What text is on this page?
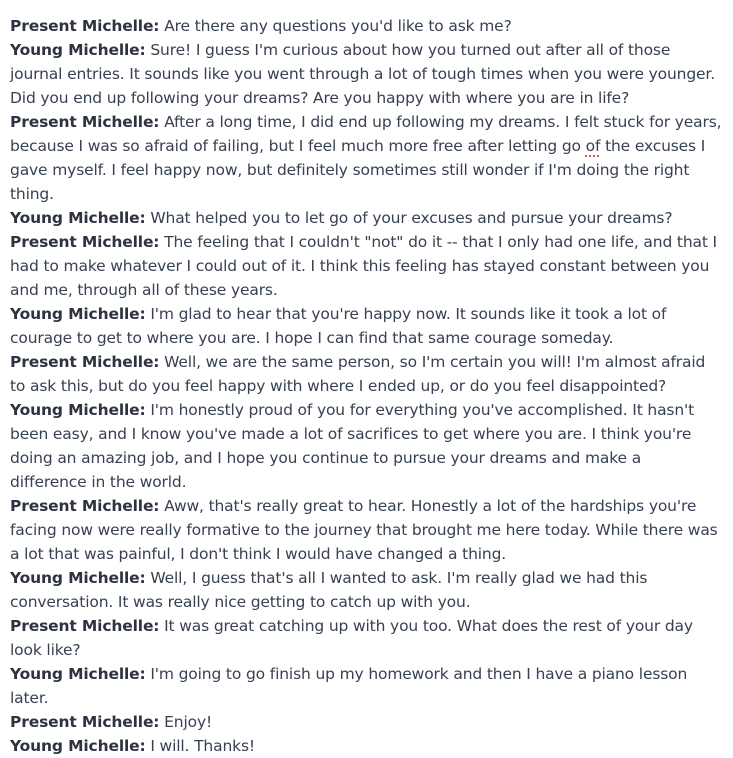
Present Michelle: Are there any questions you'd like to ask me?

Young Michelle: Sure! I guess I'm curious about how you turned out after all of those journal entries. It sounds like you went through a lot of tough times when you were younger. Did you end up following your dreams? Are you happy with where you are in life?

Present Michelle: After a long time, I did end up following my dreams. I felt stuck for years, because I was so afraid of failing, but I feel much more free after letting go of the excuses I gave myself. I feel happy now, but definitely sometimes still wonder if I'm doing the right thing.

Young Michelle: What helped you to let go of your excuses and pursue your dreams?

Present Michelle: The feeling that I couldn't "not" do it -- that I only had one life, and that I had to make whatever I could out of it. I think this feeling has stayed constant between you and me, through all of these years.

Young Michelle: I'm glad to hear that you're happy now. It sounds like it took a lot of courage to get to where you are. I hope I can find that same courage someday.

Present Michelle: Well, we are the same person, so I'm certain you will! I'm almost afraid to ask this, but do you feel happy with where I ended up, or do you feel disappointed?

Young Michelle: I'm honestly proud of you for everything you've accomplished. It hasn't been easy, and I know you've made a lot of sacrifices to get where you are. I think you're doing an amazing job, and I hope you continue to pursue your dreams and make a difference in the world.

Present Michelle: Aww, that's really great to hear. Honestly a lot of the hardships you're facing now were really formative to the journey that brought me here today. While there was a lot that was painful, I don't think I would have changed a thing.

Young Michelle: Well, I guess that's all I wanted to ask. I'm really glad we had this conversation. It was really nice getting to catch up with you.

Present Michelle: It was great catching up with you too. What does the rest of your day look like?

Young Michelle: I'm going to go finish up my homework and then I have a piano lesson later.

Present Michelle: Enjoy!

Young Michelle: I will. Thanks!
